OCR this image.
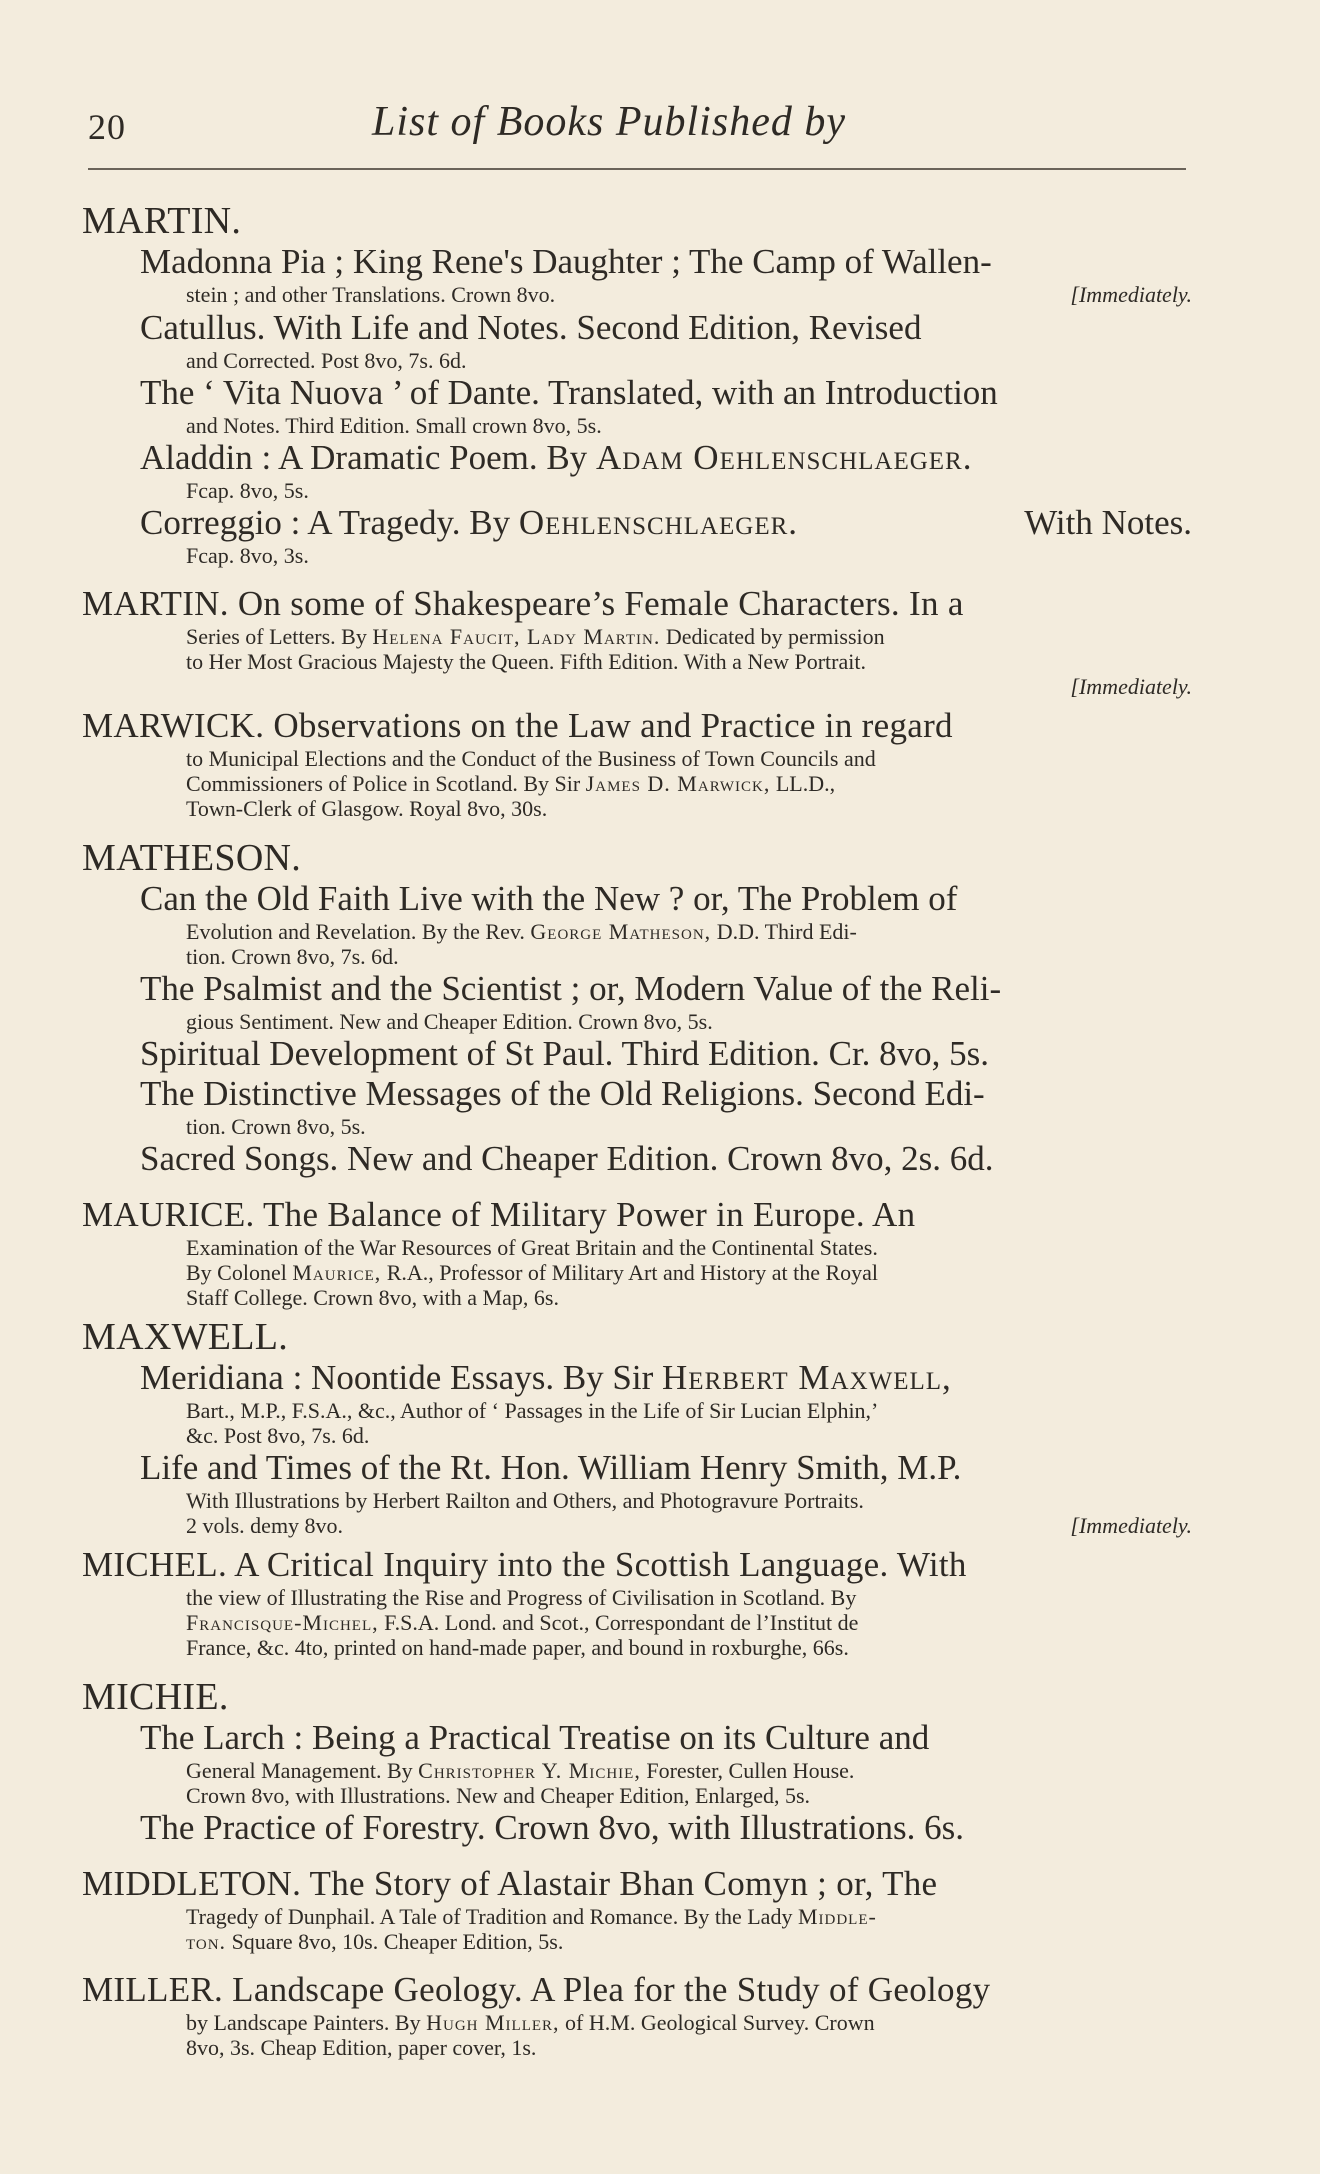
20	List of Books Published by
MARTIN.
Madonna Pia ; King Rene's Daughter ; The Camp of Wallen-
stein ; and other Translations. Crown 8vo.	[Immediately.
Catullus. With Life and Notes. Second Edition, Revised
and Corrected. Post 8vo, 7s. 6d.
The ‘ Vita Nuova ’ of Dante. Translated, with an Introduction
and Notes. Third Edition. Small crown 8vo, 5s.
Aladdin : A Dramatic Poem. By Adam Oehlenschlaeger.
Fcap. 8vo, 5s.
Correggio : A Tragedy. By Oehlenschlaeger.	With Notes.
Fcap. 8vo, 3s.
MARTIN. On some of Shakespeare’s Female Characters. In a
Series of Letters. By Helena Faucit, Lady Martin. Dedicated by permission
to Her Most Gracious Majesty the Queen. Fifth Edition. With a New Portrait.
[Immediately.
MARWICK. Observations on the Law and Practice in regard
to Municipal Elections and the Conduct of the Business of Town Councils and
Commissioners of Police in Scotland. By Sir James D. Marwick, LL.D.,
Town-Clerk of Glasgow. Royal 8vo, 30s.
MATHESON.
Can the Old Faith Live with the New ? or, The Problem of
Evolution and Revelation. By the Rev. George Matheson, D.D. Third Edi-
tion. Crown 8vo, 7s. 6d.
The Psalmist and the Scientist ; or, Modern Value of the Reli-
gious Sentiment. New and Cheaper Edition. Crown 8vo, 5s.
Spiritual Development of St Paul. Third Edition. Cr. 8vo, 5s.
The Distinctive Messages of the Old Religions. Second Edi-
tion. Crown 8vo, 5s.
Sacred Songs. New and Cheaper Edition. Crown 8vo, 2s. 6d.
MAURICE. The Balance of Military Power in Europe. An
Examination of the War Resources of Great Britain and the Continental States.
By Colonel Maurice, R.A., Professor of Military Art and History at the Royal
Staff College. Crown 8vo, with a Map, 6s.
MAXWELL.
Meridiana : Noontide Essays. By Sir Herbert Maxwell,
Bart., M.P., F.S.A., &c., Author of ‘ Passages in the Life of Sir Lucian Elphin,’
&c. Post 8vo, 7s. 6d.
Life and Times of the Rt. Hon. William Henry Smith, M.P.
With Illustrations by Herbert Railton and Others, and Photogravure Portraits.
2 vols. demy 8vo.	[Immediately.
MICHEL. A Critical Inquiry into the Scottish Language. With
the view of Illustrating the Rise and Progress of Civilisation in Scotland. By
Francisque-Michel, F.S.A. Lond. and Scot., Correspondant de l’Institut de
France, &c. 4to, printed on hand-made paper, and bound in roxburghe, 66s.
MICHIE.
The Larch : Being a Practical Treatise on its Culture and
General Management. By Christopher Y. Michie, Forester, Cullen House.
Crown 8vo, with Illustrations. New and Cheaper Edition, Enlarged, 5s.
The Practice of Forestry. Crown 8vo, with Illustrations. 6s.
MIDDLETON. The Story of Alastair Bhan Comyn ; or, The
Tragedy of Dunphail. A Tale of Tradition and Romance. By the Lady Middle-
ton. Square 8vo, 10s. Cheaper Edition, 5s.
MILLER. Landscape Geology. A Plea for the Study of Geology
by Landscape Painters. By Hugh Miller, of H.M. Geological Survey. Crown
8vo, 3s. Cheap Edition, paper cover, 1s.
